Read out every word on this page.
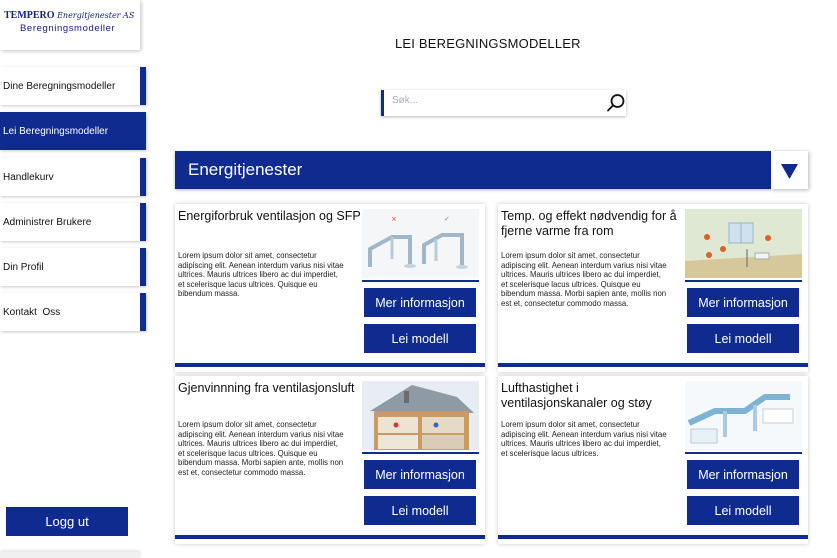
TEMPERO Energitjenester AS
Beregningsmodeller
Dine Beregningsmodeller
Lei Beregningsmodeller
Handlekurv
Administrer Brukere
Din Profil
Kontakt  Oss
Logg ut
LEI BEREGNINGSMODELLER
Søk...
Energitjenester
Energiforbruk ventilasjon og SFP
Lorem ipsum dolor sit amet, consectetur adipiscing elit. Aenean interdum varius nisi vitae ultrices. Mauris ultrices libero ac dui imperdiet, et scelerisque lacus ultrices. Quisque eu bibendum massa.
×	✓
Mer informasjon
Lei modell
Temp. og effekt nødvendig for å fjerne varme fra rom
Lorem ipsum dolor sit amet, consectetur adipiscing elit. Aenean interdum varius nisi vitae ultrices. Mauris ultrices libero ac dui imperdiet, et scelerisque lacus ultrices. Quisque eu bibendum massa. Morbi sapien ante, mollis non est et, consectetur commodo massa.	Mer informasjon
Lei modell
Gjenvinnning fra ventilasjonsluft
Lorem ipsum dolor sit amet, consectetur adipiscing elit. Aenean interdum varius nisi vitae ultrices. Mauris ultrices libero ac dui imperdiet, et scelerisque lacus ultrices. Quisque eu bibendum massa. Morbi sapien ante, mollis non est et, consectetur commodo massa.	Mer informasjon
Lei modell
Lufthastighet i ventilasjonskanaler og støy
Lorem ipsum dolor sit amet, consectetur adipiscing elit. Aenean interdum varius nisi vitae ultrices. Mauris ultrices libero ac dui imperdiet, et scelerisque lacus ultrices.
Mer informasjon
Lei modell
